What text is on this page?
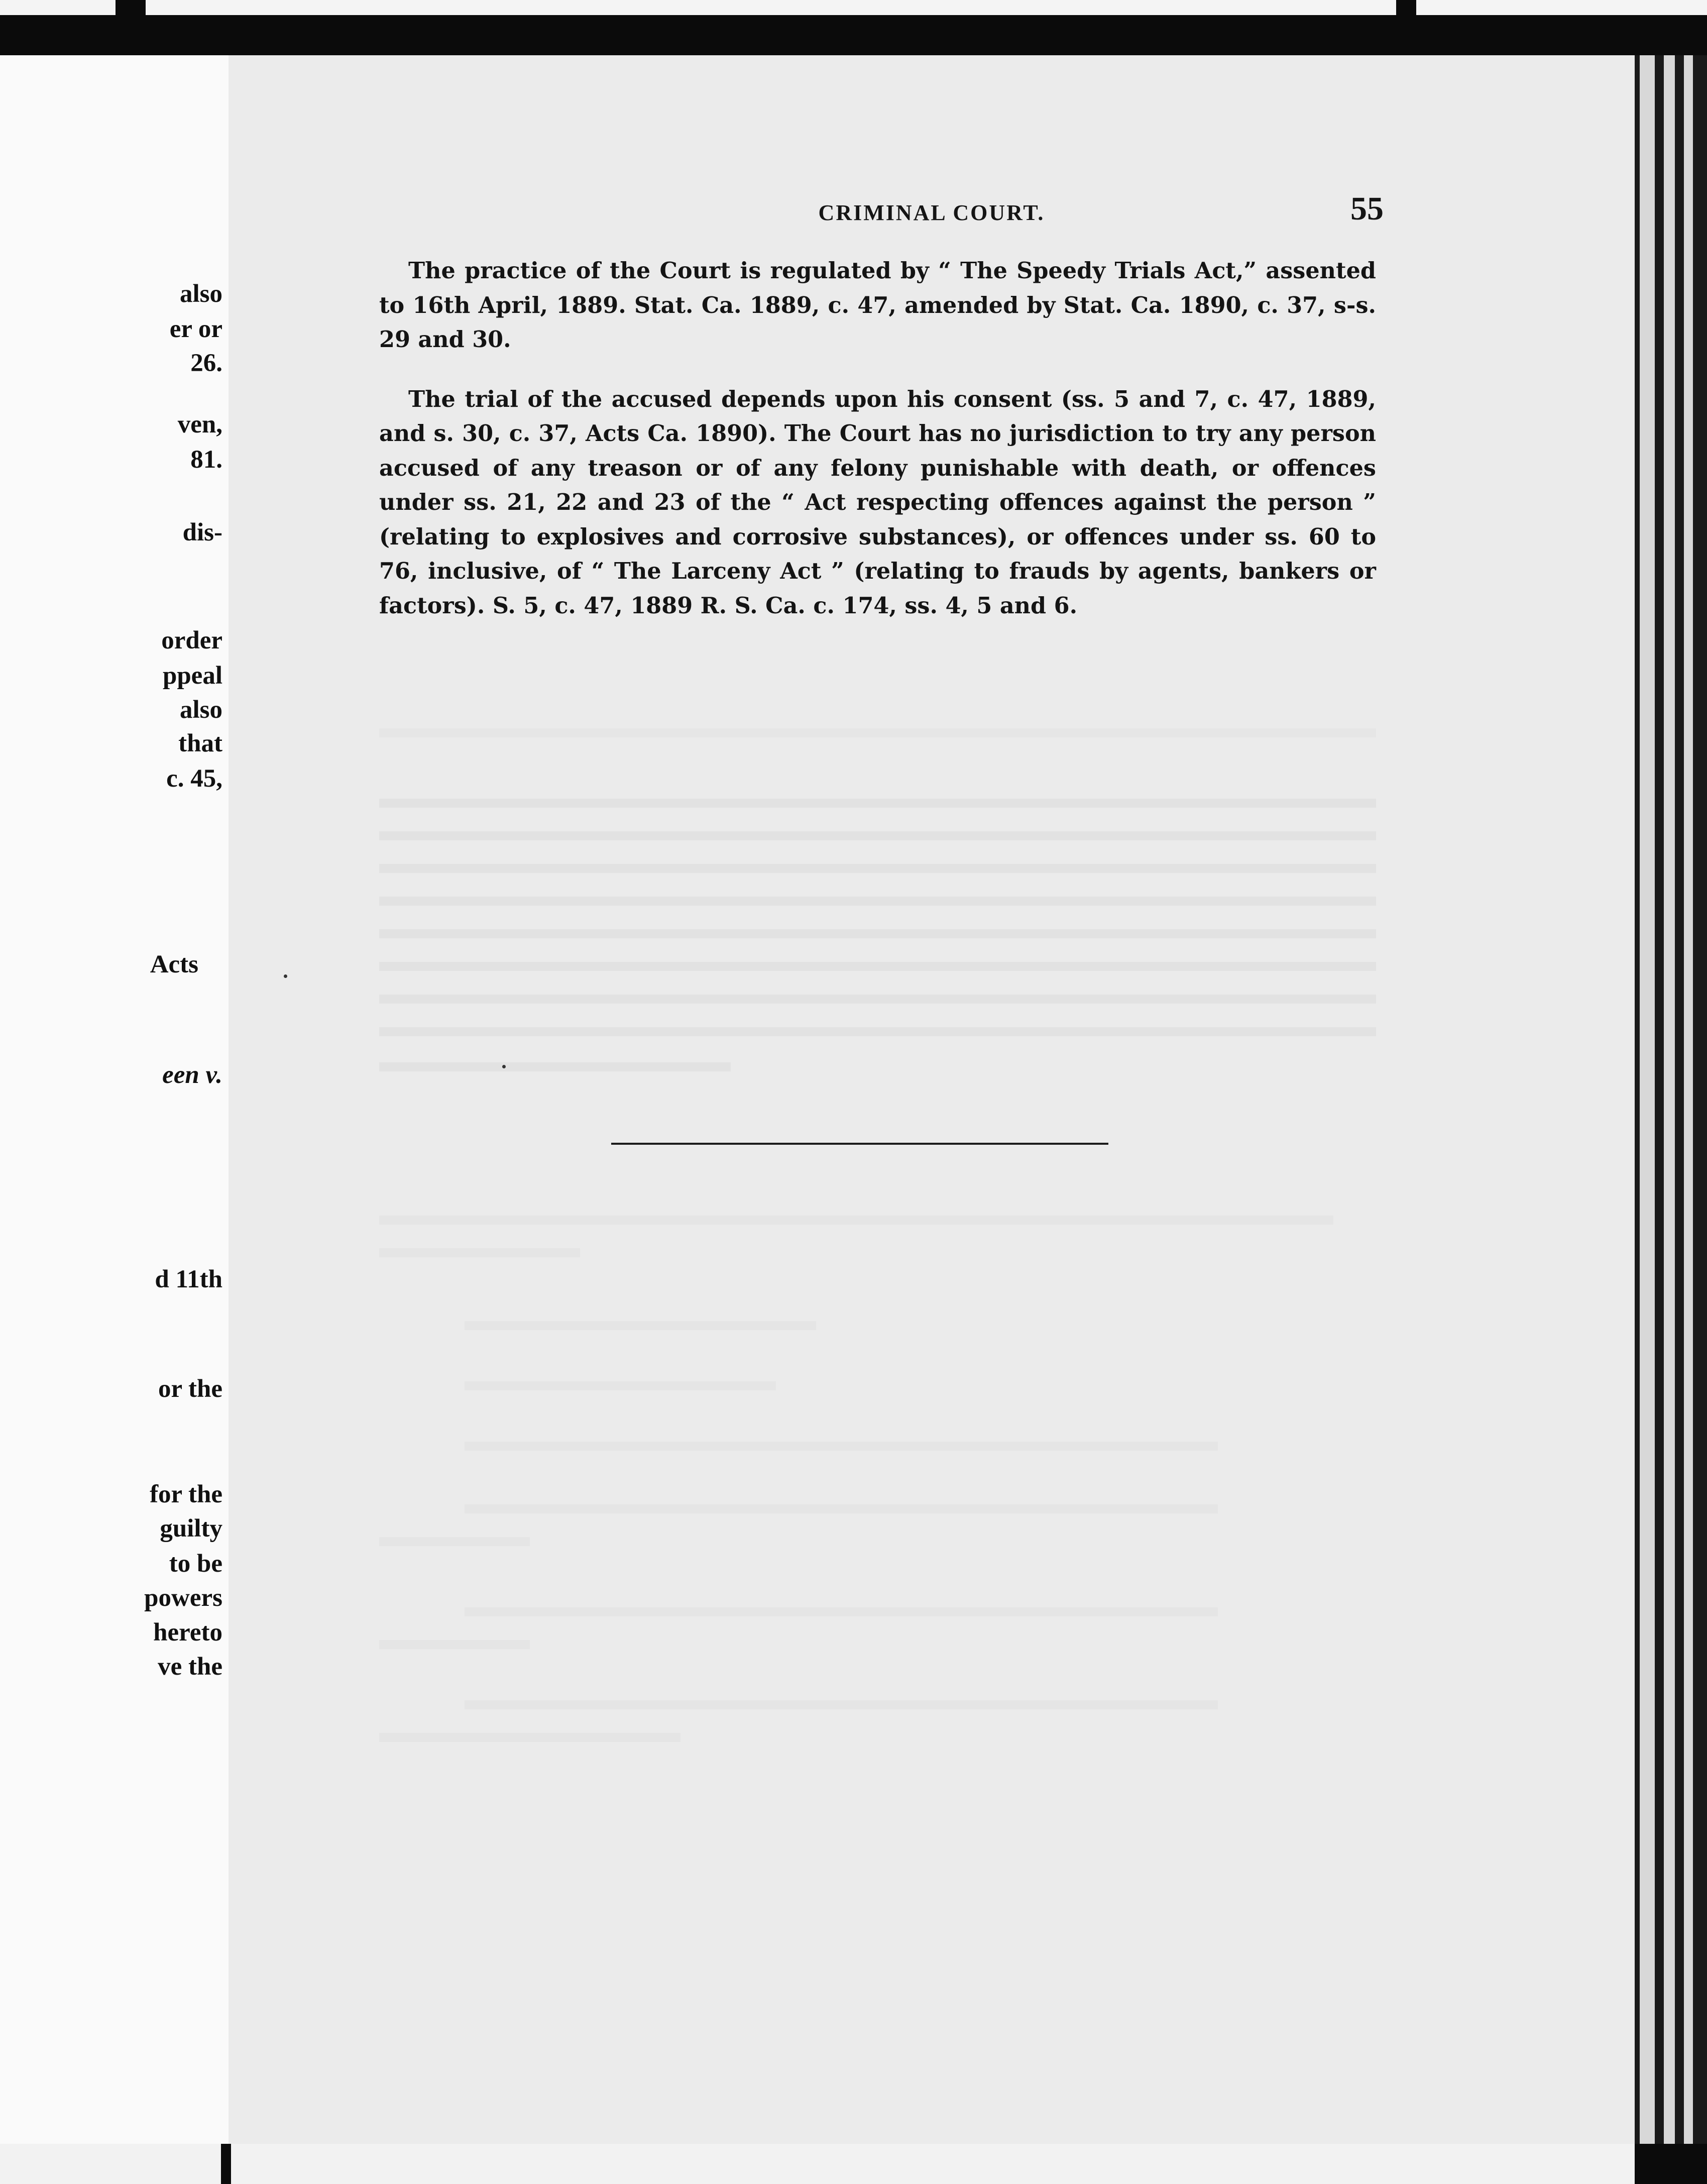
also
er or
26.
ven,
81.
dis-
order
ppeal
also
that
c. 45,
Acts
een v.
d 11th
or the
for the
guilty
to be
powers
hereto
ve the
CRIMINAL COURT.	55

The practice of the Court is regulated by “ The Speedy Trials Act,” assented to 16th April, 1889. Stat. Ca. 1889, c. 47, amended by Stat. Ca. 1890, c. 37, s-s. 29 and 30.

The trial of the accused depends upon his consent (ss. 5 and 7, c. 47, 1889, and s. 30, c. 37, Acts Ca. 1890). The Court has no jurisdiction to try any person accused of any treason or of any felony punishable with death, or offences under ss. 21, 22 and 23 of the “ Act respecting offences against the person ” (relating to explosives and corrosive substances), or offences under ss. 60 to 76, inclusive, of “ The Larceny Act ” (relating to frauds by agents, bankers or factors). S. 5, c. 47, 1889 R. S. Ca. c. 174, ss. 4, 5 and 6.
